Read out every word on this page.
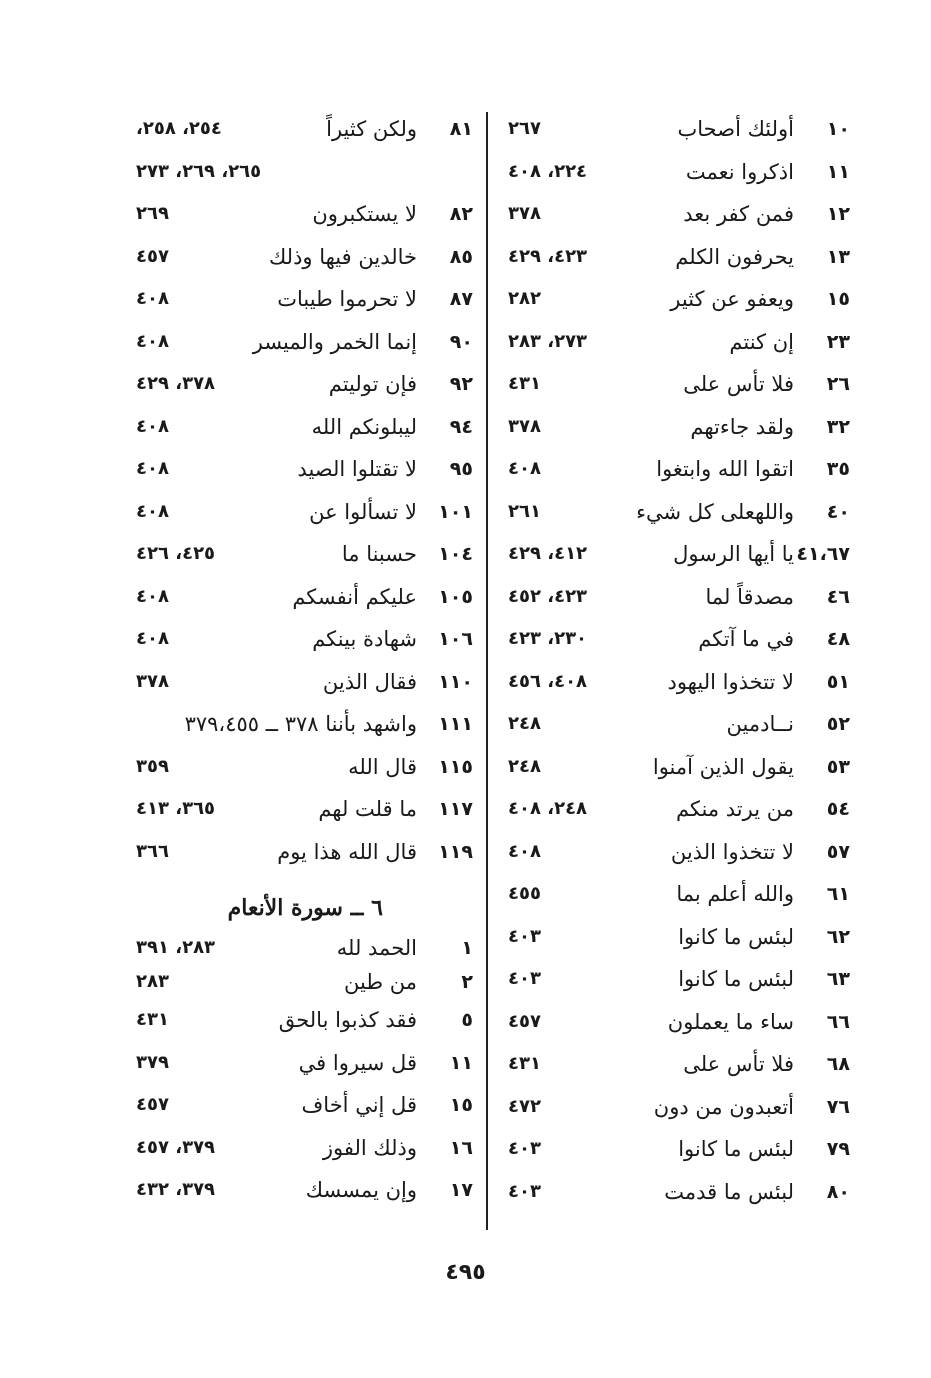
١٠
أولئك أصحاب
٢٦٧
١١
اذكروا نعمت
٢٢٤، ٤٠٨
١٢
فمن كفر بعد
٣٧٨
١٣
يحرفون الكلم
٤٢٣، ٤٢٩
١٥
ويعفو عن كثير
٢٨٢
٢٣
إن كنتم
٢٧٣، ٢٨٣
٢٦
فلا تأس على
٤٣١
٣٢
ولقد جاءتهم
٣٧٨
٣٥
اتقوا الله وابتغوا
٤٠٨
٤٠
واللهعلى كل شيء
٢٦١
٤١،٦٧
يا أيها الرسول
٤١٢، ٤٢٩
٤٦
مصدقاً لما
٤٢٣، ٤٥٢
٤٨
في ما آتكم
٢٣٠، ٤٢٣
٥١
لا تتخذوا اليهود
٤٠٨، ٤٥٦
٥٢
نــادمين
٢٤٨
٥٣
يقول الذين آمنوا
٢٤٨
٥٤
من يرتد منكم
٢٤٨، ٤٠٨
٥٧
لا تتخذوا الذين
٤٠٨
٦١
والله أعلم بما
٤٥٥
٦٢
لبئس ما كانوا
٤٠٣
٦٣
لبئس ما كانوا
٤٠٣
٦٦
ساء ما يعملون
٤٥٧
٦٨
فلا تأس على
٤٣١
٧٦
أتعبدون من دون
٤٧٢
٧٩
لبئس ما كانوا
٤٠٣
٨٠
لبئس ما قدمت
٤٠٣
٨١
ولكن كثيراً
٢٥٤، ٢٥٨،
٢٦٥، ٢٦٩، ٢٧٣
٨٢
لا يستكبرون
٢٦٩
٨٥
خالدين فيها وذلك
٤٥٧
٨٧
لا تحرموا طيبات
٤٠٨
٩٠
إنما الخمر والميسر
٤٠٨
٩٢
فإن توليتم
٣٧٨، ٤٢٩
٩٤
ليبلونكم الله
٤٠٨
٩٥
لا تقتلوا الصيد
٤٠٨
١٠١
لا تسألوا عن
٤٠٨
١٠٤
حسبنا ما
٤٢٥، ٤٢٦
١٠٥
عليكم أنفسكم
٤٠٨
١٠٦
شهادة بينكم
٤٠٨
١١٠
فقال الذين
٣٧٨
١١١
واشهد بأننا ٣٧٨ ــ ٣٧٩،٤٥٥
١١٥
قال الله
٣٥٩
١١٧
ما قلت لهم
٣٦٥، ٤١٣
١١٩
قال الله هذا يوم
٣٦٦
٦ ــ سورة الأنعام
١
الحمد لله
٢٨٣، ٣٩١
٢
من طين
٢٨٣
٥
فقد كذبوا بالحق
٤٣١
١١
قل سيروا في
٣٧٩
١٥
قل إني أخاف
٤٥٧
١٦
وذلك الفوز
٣٧٩، ٤٥٧
١٧
وإن يمسسك
٣٧٩، ٤٣٢
٤٩٥
